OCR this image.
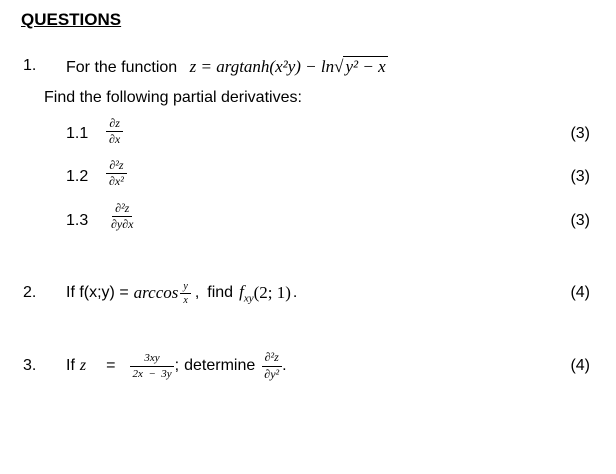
QUESTIONS
1. For the function z = argtanh(x²y) − ln√ y² − x
Find the following partial derivatives:
$1.1 \frac{\partial z}{\partial x}$	(3)
$1.2 \frac{\text{∂²z}}{\text{∂x²}}$	(3)
$1.3 \frac{\text{∂²z}}{\partial y\partial x}$	(3)
2. If f(x;y) = $\arccos \frac{y}{x}$ , find $f_{xy}$ (2; 1) .	(4)
3. If $z = \frac{3xy}{2x - 3y}$ ; determine $\frac{\text{∂²z}}{\text{∂y²}}$ .	(4)
